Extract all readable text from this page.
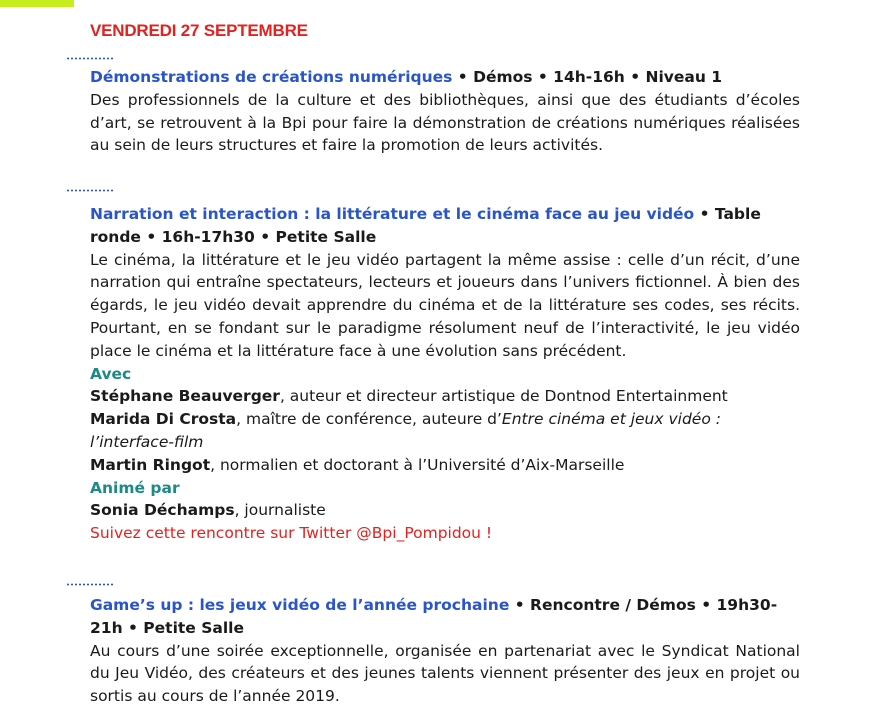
VENDREDI 27 SEPTEMBRE
Démonstrations de créations numériques • Démos • 14h-16h • Niveau 1
Des professionnels de la culture et des bibliothèques, ainsi que des étudiants d’écoles d’art, se retrouvent à la Bpi pour faire la démonstration de créations numériques réalisées au sein de leurs structures et faire la promotion de leurs activités.
Narration et interaction : la littérature et le cinéma face au jeu vidéo • Table ronde • 16h-17h30 • Petite Salle
Le cinéma, la littérature et le jeu vidéo partagent la même assise : celle d’un récit, d’une narration qui entraîne spectateurs, lecteurs et joueurs dans l’univers fictionnel. À bien des égards, le jeu vidéo devait apprendre du cinéma et de la littérature ses codes, ses récits. Pourtant, en se fondant sur le paradigme résolument neuf de l’interactivité, le jeu vidéo place le cinéma et la littérature face à une évolution sans précédent.
Avec
Stéphane Beauverger, auteur et directeur artistique de Dontnod Entertainment
Marida Di Crosta, maître de conférence, auteure d’Entre cinéma et jeux vidéo : l’interface-film
Martin Ringot, normalien et doctorant à l’Université d’Aix-Marseille
Animé par
Sonia Déchamps, journaliste
Suivez cette rencontre sur Twitter @Bpi_Pompidou !
Game’s up : les jeux vidéo de l’année prochaine • Rencontre / Démos • 19h30-21h • Petite Salle
Au cours d’une soirée exceptionnelle, organisée en partenariat avec le Syndicat National du Jeu Vidéo, des créateurs et des jeunes talents viennent présenter des jeux en projet ou sortis au cours de l’année 2019.
